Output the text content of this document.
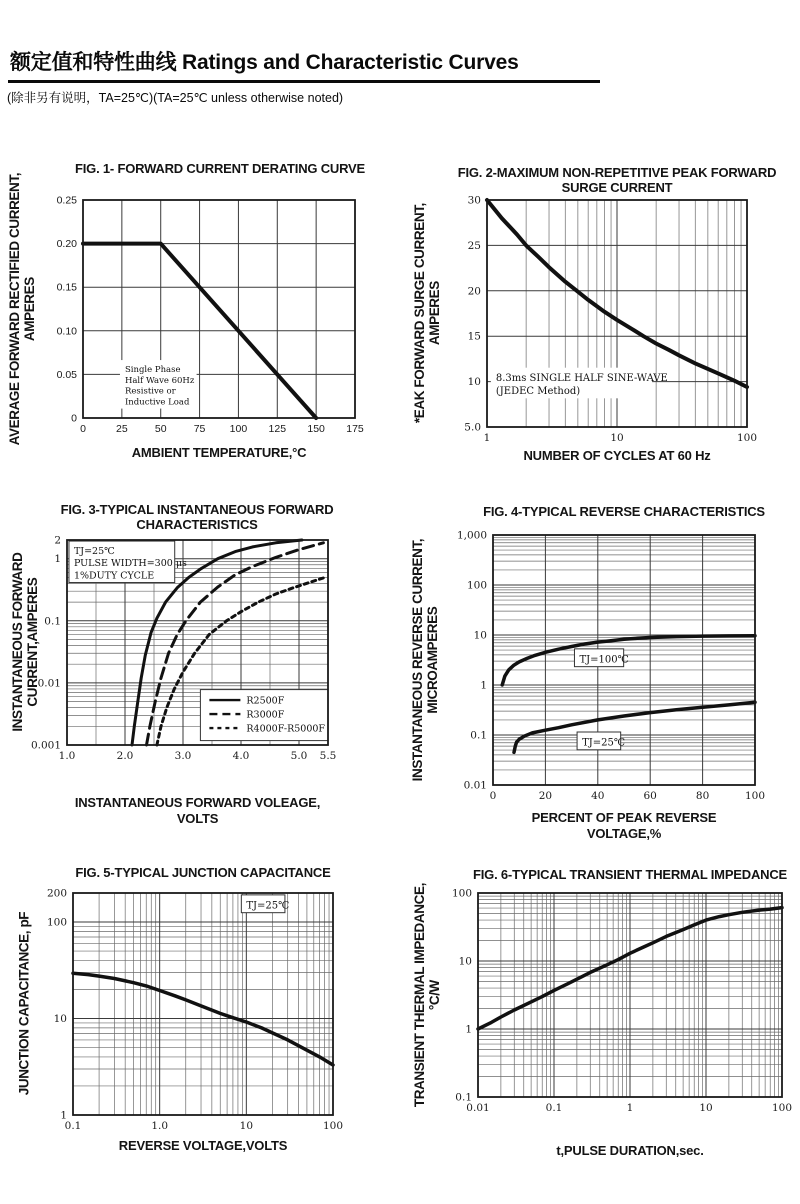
额定值和特性曲线 Ratings and Characteristic Curves
(除非另有说明，TA=25℃)(TA=25℃ unless otherwise noted)
FIG. 1- FORWARD CURRENT DERATING CURVE
AVERAGE FORWARD RECTIFIED CURRENT, AMPERES
0	25	50	75 100 125 150 175
0
0.05
0.10
0.15
0.20
0.25
Single Phase
Half Wave 60Hz
Resistive or
Inductive Load
AMBIENT TEMPERATURE,°C
FIG. 2-MAXIMUM NON-REPETITIVE PEAK FORWARD
SURGE CURRENT
*EAK FORWARD SURGE CURRENT, AMPERES
1	10	100
5.0
10
15
20
25
30
8.3ms SINGLE HALF SINE-WAVE
(JEDEC Method)
NUMBER OF CYCLES AT 60 Hz
FIG. 3-TYPICAL INSTANTANEOUS FORWARD
CHARACTERISTICS
INSTANTANEOUS FORWARD CURRENT,AMPERES
1.0	2.0	3.0	4.0	5.0 5.5
2
1
0.1
0.01
0.001
TJ=25℃
PULSE WIDTH=300 μs
1%DUTY CYCLE
R2500F
R3000F
R4000F-R5000F
INSTANTANEOUS FORWARD VOLEAGE,
VOLTS
FIG. 4-TYPICAL REVERSE CHARACTERISTICS
INSTANTANEOUS REVERSE CURRENT, MICROAMPERES
0	20	40	60	80	100
1,000
100
10
1
0.1
0.01
TJ=100℃
TJ=25℃
PERCENT OF PEAK REVERSE VOLTAGE,%
FIG. 5-TYPICAL JUNCTION CAPACITANCE
JUNCTION CAPACITANCE, pF
0.1	1.0	10	100
1
10
100
200
TJ=25℃
REVERSE VOLTAGE,VOLTS
FIG. 6-TYPICAL TRANSIENT THERMAL IMPEDANCE
TRANSIENT THERMAL IMPEDANCE, °C/W
0.01	0.1	1	10	100
100
10
1
0.1
t,PULSE DURATION,sec.
